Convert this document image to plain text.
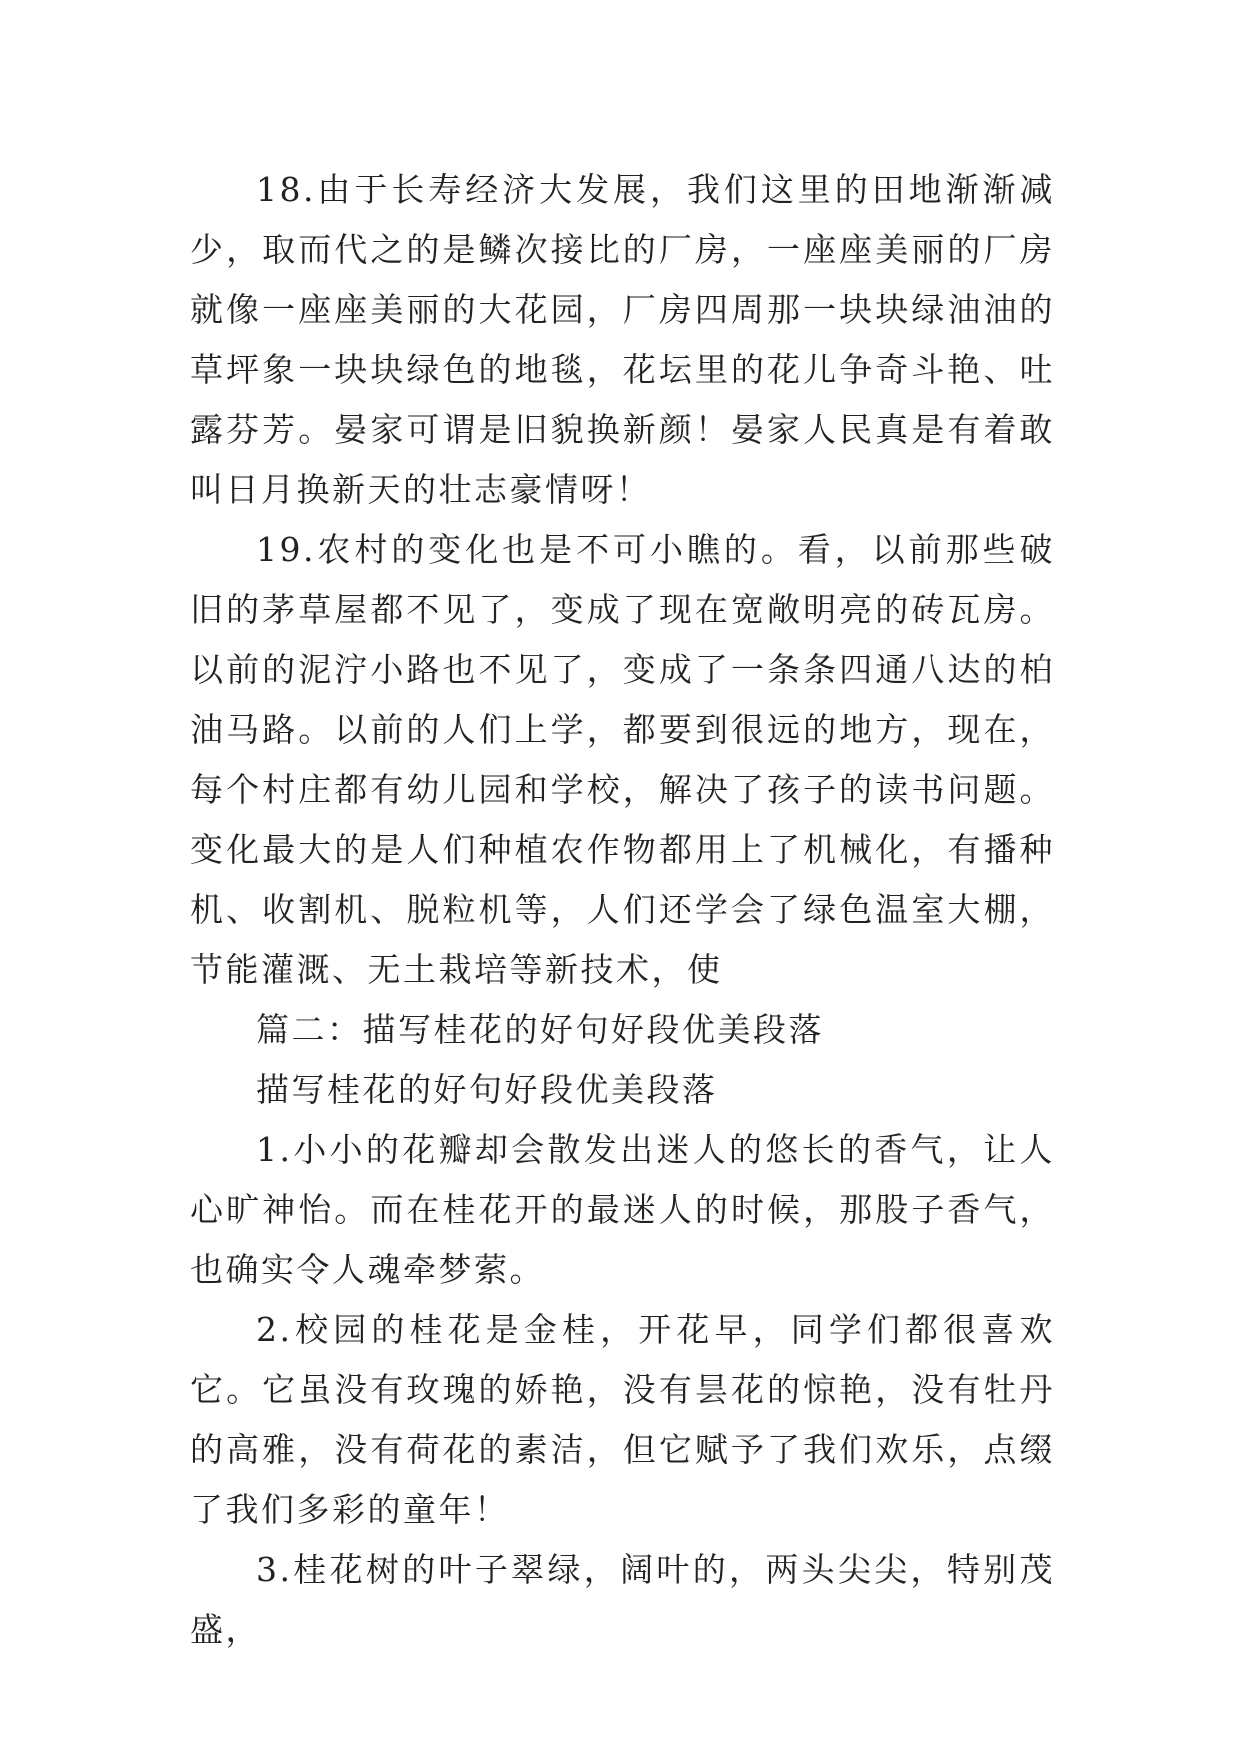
18.由于长寿经济大发展，我们这里的田地渐渐减少，取而代之的是鳞次接比的厂房，一座座美丽的厂房就像一座座美丽的大花园，厂房四周那一块块绿油油的草坪象一块块绿色的地毯，花坛里的花儿争奇斗艳、吐露芬芳。晏家可谓是旧貌换新颜！晏家人民真是有着敢叫日月换新天的壮志豪情呀！

19.农村的变化也是不可小瞧的。看，以前那些破旧的茅草屋都不见了，变成了现在宽敞明亮的砖瓦房。以前的泥泞小路也不见了，变成了一条条四通八达的柏油马路。以前的人们上学，都要到很远的地方，现在，每个村庄都有幼儿园和学校，解决了孩子的读书问题。变化最大的是人们种植农作物都用上了机械化，有播种机、收割机、脱粒机等，人们还学会了绿色温室大棚，节能灌溉、无土栽培等新技术，使

篇二：描写桂花的好句好段优美段落

描写桂花的好句好段优美段落

1.小小的花瓣却会散发出迷人的悠长的香气，让人心旷神怡。而在桂花开的最迷人的时候，那股子香气，也确实令人魂牵梦萦。

2.校园的桂花是金桂，开花早，同学们都很喜欢它。它虽没有玫瑰的娇艳，没有昙花的惊艳，没有牡丹的高雅，没有荷花的素洁，但它赋予了我们欢乐，点缀了我们多彩的童年！

3.桂花树的叶子翠绿，阔叶的，两头尖尖，特别茂盛，
